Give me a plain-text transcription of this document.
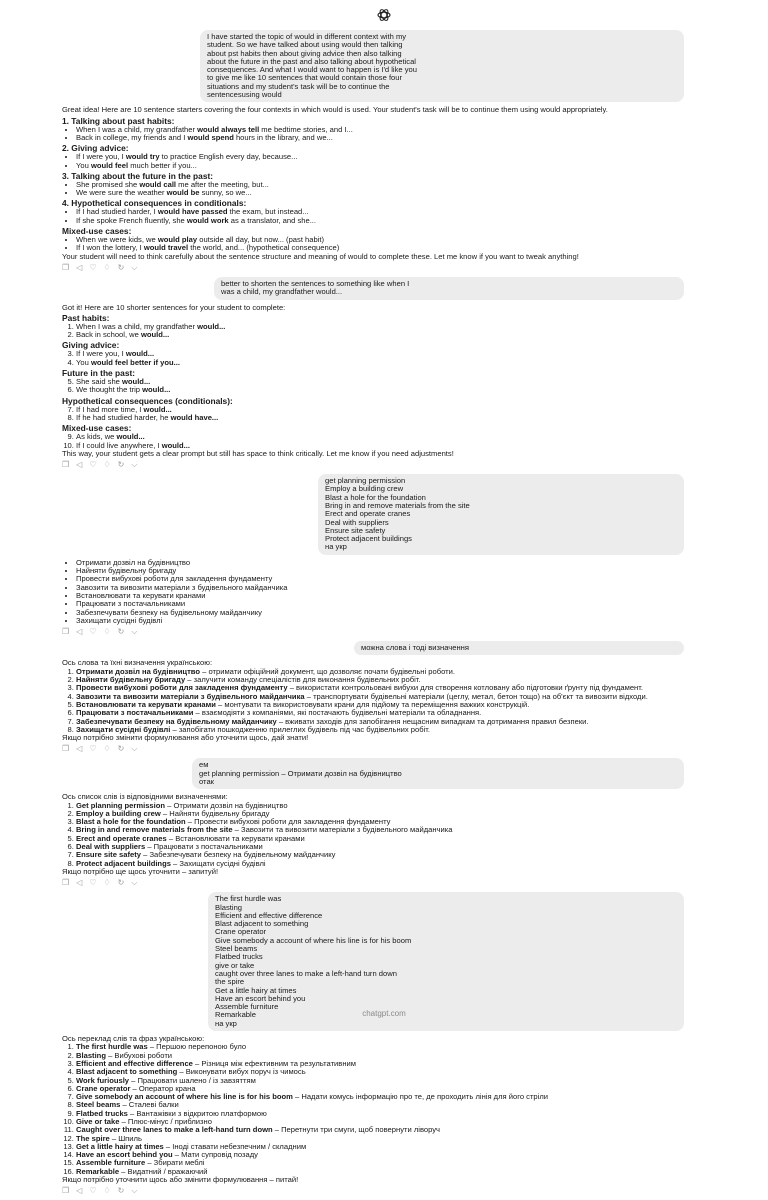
I have started the topic of would in different context with my
student. So we have talked about using would then talking
about pst habits then about giving advice then also talking
about the future in the past and also talking about hypothetical
consequences. And what I would want to happen is I'd like you
to give me like 10 sentences that would contain those four
situations and my student's task will be to continue the
sentencesusing would

Great idea! Here are 10 sentence starters covering the four contexts in which would is used. Your student's task will be to continue them using would appropriately.

1. Talking about past habits:
• When I was a child, my grandfather would always tell me bedtime stories, and I...
• Back in college, my friends and I would spend hours in the library, and we...
2. Giving advice:
• If I were you, I would try to practice English every day, because...
• You would feel much better if you...
3. Talking about the future in the past:
• She promised she would call me after the meeting, but...
• We were sure the weather would be sunny, so we...
4. Hypothetical consequences in conditionals:
• If I had studied harder, I would have passed the exam, but instead...
• If she spoke French fluently, she would work as a translator, and she...
Mixed-use cases:
• When we were kids, we would play outside all day, but now... (past habit)
• If I won the lottery, I would travel the world, and... (hypothetical consequence)

Your student will need to think carefully about the sentence structure and meaning of would to complete these. Let me know if you want to tweak anything!

❐ ◁ ♡ ♢ ↻ ⌵
better to shorten the sentences to something like when I
was a child, my grandfather would...

Got it! Here are 10 shorter sentences for your student to complete:

Past habits:
1. When I was a child, my grandfather would...
2. Back in school, we would...
Giving advice:
3. If I were you, I would...
4. You would feel better if you...
Future in the past:
5. She said she would...
6. We thought the trip would...
Hypothetical consequences (conditionals):
7. If I had more time, I would...
8. If he had studied harder, he would have...
Mixed-use cases:
9. As kids, we would...
10. If I could live anywhere, I would...

This way, your student gets a clear prompt but still has space to think critically. Let me know if you need adjustments!

❐ ◁ ♡ ♢ ↻ ⌵
get planning permission
Employ a building crew
Blast a hole for the foundation
Bring in and remove materials from the site
Erect and operate cranes
Deal with suppliers
Ensure site safety
Protect adjacent buildings
на укр
• Отримати дозвіл на будівництво
• Найняти будівельну бригаду
• Провести вибухові роботи для закладення фундаменту
• Завозити та вивозити матеріали з будівельного майданчика
• Встановлювати та керувати кранами
• Працювати з постачальниками
• Забезпечувати безпеку на будівельному майданчику
• Захищати сусідні будівлі
❐ ◁ ♡ ♢ ↻ ⌵
можна слова і тоді визначення

Ось слова та їхні визначення українською:

1. Отримати дозвіл на будівництво – отримати офіційний документ, що дозволяє почати будівельні роботи.
2. Найняти будівельну бригаду – залучити команду спеціалістів для виконання будівельних робіт.
3. Провести вибухові роботи для закладення фундаменту – використати контрольовані вибухи для створення котловану або підготовки ґрунту під фундамент.
4. Завозити та вивозити матеріали з будівельного майданчика – транспортувати будівельні матеріали (цеглу, метал, бетон тощо) на об'єкт та вивозити відходи.
5. Встановлювати та керувати кранами – монтувати та використовувати крани для підйому та переміщення важких конструкцій.
6. Працювати з постачальниками – взаємодіяти з компаніями, які постачають будівельні матеріали та обладнання.
7. Забезпечувати безпеку на будівельному майданчику – вживати заходів для запобігання нещасним випадкам та дотримання правил безпеки.
8. Захищати сусідні будівлі – запобігати пошкодженню прилеглих будівель під час будівельних робіт.

Якщо потрібно змінити формулювання або уточнити щось, дай знати!

❐ ◁ ♡ ♢ ↻ ⌵
ем
get planning permission – Отримати дозвіл на будівництво
отак

Ось список слів із відповідними визначеннями:

1. Get planning permission – Отримати дозвіл на будівництво
2. Employ a building crew – Найняти будівельну бригаду
3. Blast a hole for the foundation – Провести вибухові роботи для закладення фундаменту
4. Bring in and remove materials from the site – Завозити та вивозити матеріали з будівельного майданчика
5. Erect and operate cranes – Встановлювати та керувати кранами
6. Deal with suppliers – Працювати з постачальниками
7. Ensure site safety – Забезпечувати безпеку на будівельному майданчику
8. Protect adjacent buildings – Захищати сусідні будівлі

Якщо потрібно ще щось уточнити – запитуй!

❐ ◁ ♡ ♢ ↻ ⌵
The first hurdle was
Blasting
Efficient and effective difference
Blast adjacent to something
Crane operator
Give somebody a account of where his line is for his boom
Steel beams
Flatbed trucks
give or take
caught over three lanes to make a left-hand turn down
the spire
Get a little hairy at times
Have an escort behind you
Assemble furniture
Remarkable
на укр

Ось переклад слів та фраз українською:

1. The first hurdle was – Першою перепоною було
2. Blasting – Вибухові роботи
3. Efficient and effective difference – Різниця між ефективним та результативним
4. Blast adjacent to something – Виконувати вибух поруч із чимось
5. Work furiously – Працювати шалено / із завзяттям
6. Crane operator – Оператор крана
7. Give somebody an account of where his line is for his boom – Надати комусь інформацію про те, де проходить лінія для його стріли
8. Steel beams – Сталеві балки
9. Flatbed trucks – Вантажівки з відкритою платформою
10. Give or take – Плюс-мінус / приблизно
11. Caught over three lanes to make a left-hand turn down – Перетнути три смуги, щоб повернути ліворуч
12. The spire – Шпиль
13. Get a little hairy at times – Іноді ставати небезпечним / складним
14. Have an escort behind you – Мати супровід позаду
15. Assemble furniture – Збирати меблі
16. Remarkable – Видатний / вражаючий

Якщо потрібно уточнити щось або змінити формулювання – питай!

❐ ◁ ♡ ♢ ↻ ⌵
chatgpt.com
